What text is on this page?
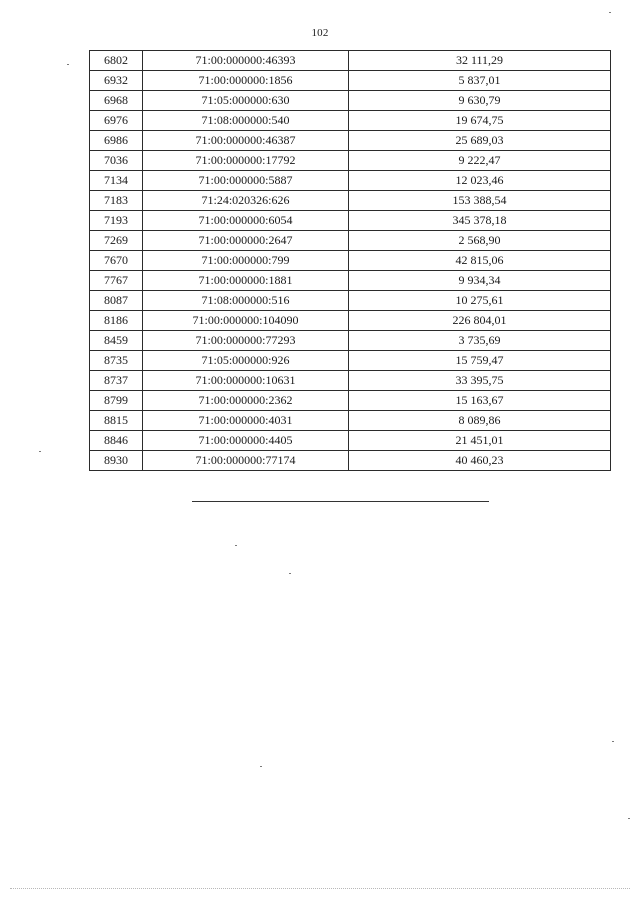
102
6802	71:00:000000:46393	32 111,29
6932	71:00:000000:1856	5 837,01
6968	71:05:000000:630	9 630,79
6976	71:08:000000:540	19 674,75
6986	71:00:000000:46387	25 689,03
7036	71:00:000000:17792	9 222,47
7134	71:00:000000:5887	12 023,46
7183	71:24:020326:626	153 388,54
7193	71:00:000000:6054	345 378,18
7269	71:00:000000:2647	2 568,90
7670	71:00:000000:799	42 815,06
7767	71:00:000000:1881	9 934,34
8087	71:08:000000:516	10 275,61
8186	71:00:000000:104090	226 804,01
8459	71:00:000000:77293	3 735,69
8735	71:05:000000:926	15 759,47
8737	71:00:000000:10631	33 395,75
8799	71:00:000000:2362	15 163,67
8815	71:00:000000:4031	8 089,86
8846	71:00:000000:4405	21 451,01
8930	71:00:000000:77174	40 460,23
